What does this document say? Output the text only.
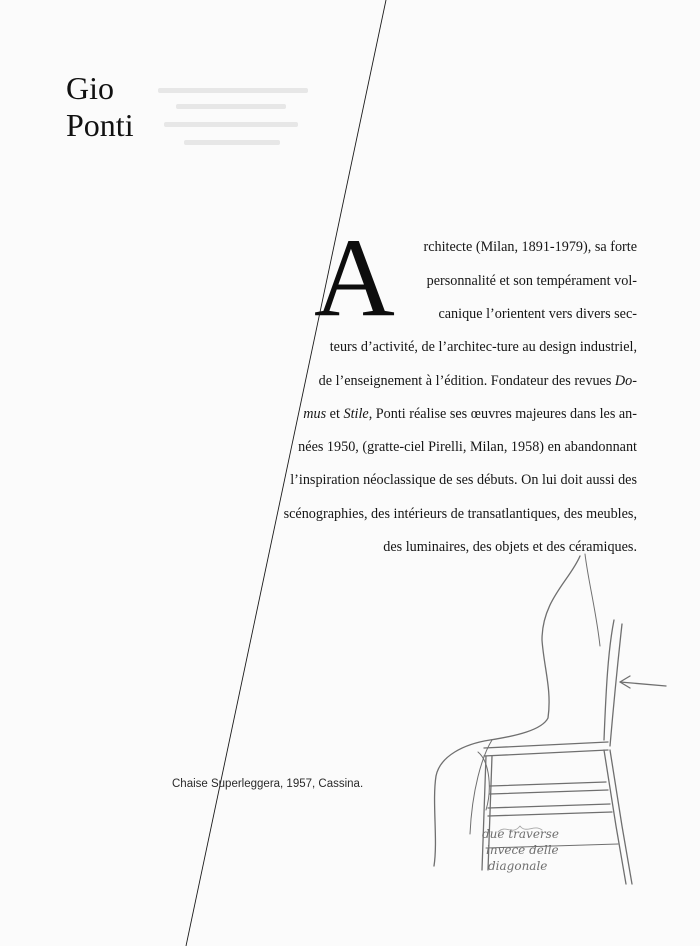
Gio
Ponti
A rchitecte (Milan, 1891-1979), sa forte

personnalité et son tempérament vol-

canique l’orientent vers divers sec-

teurs d’activité, de l’architec-ture au design industriel,

de l’enseignement à l’édition. Fondateur des revues Do-

mus et Stile, Ponti réalise ses œuvres majeures dans les an-

nées 1950, (gratte-ciel Pirelli, Milan, 1958) en abandonnant

l’inspiration néoclassique de ses débuts. On lui doit aussi des

scénographies, des intérieurs de transatlantiques, des meubles,

des luminaires, des objets et des céramiques.

Chaise Superleggera, 1957, Cassina.

due traverse
invece delle
diagonale
